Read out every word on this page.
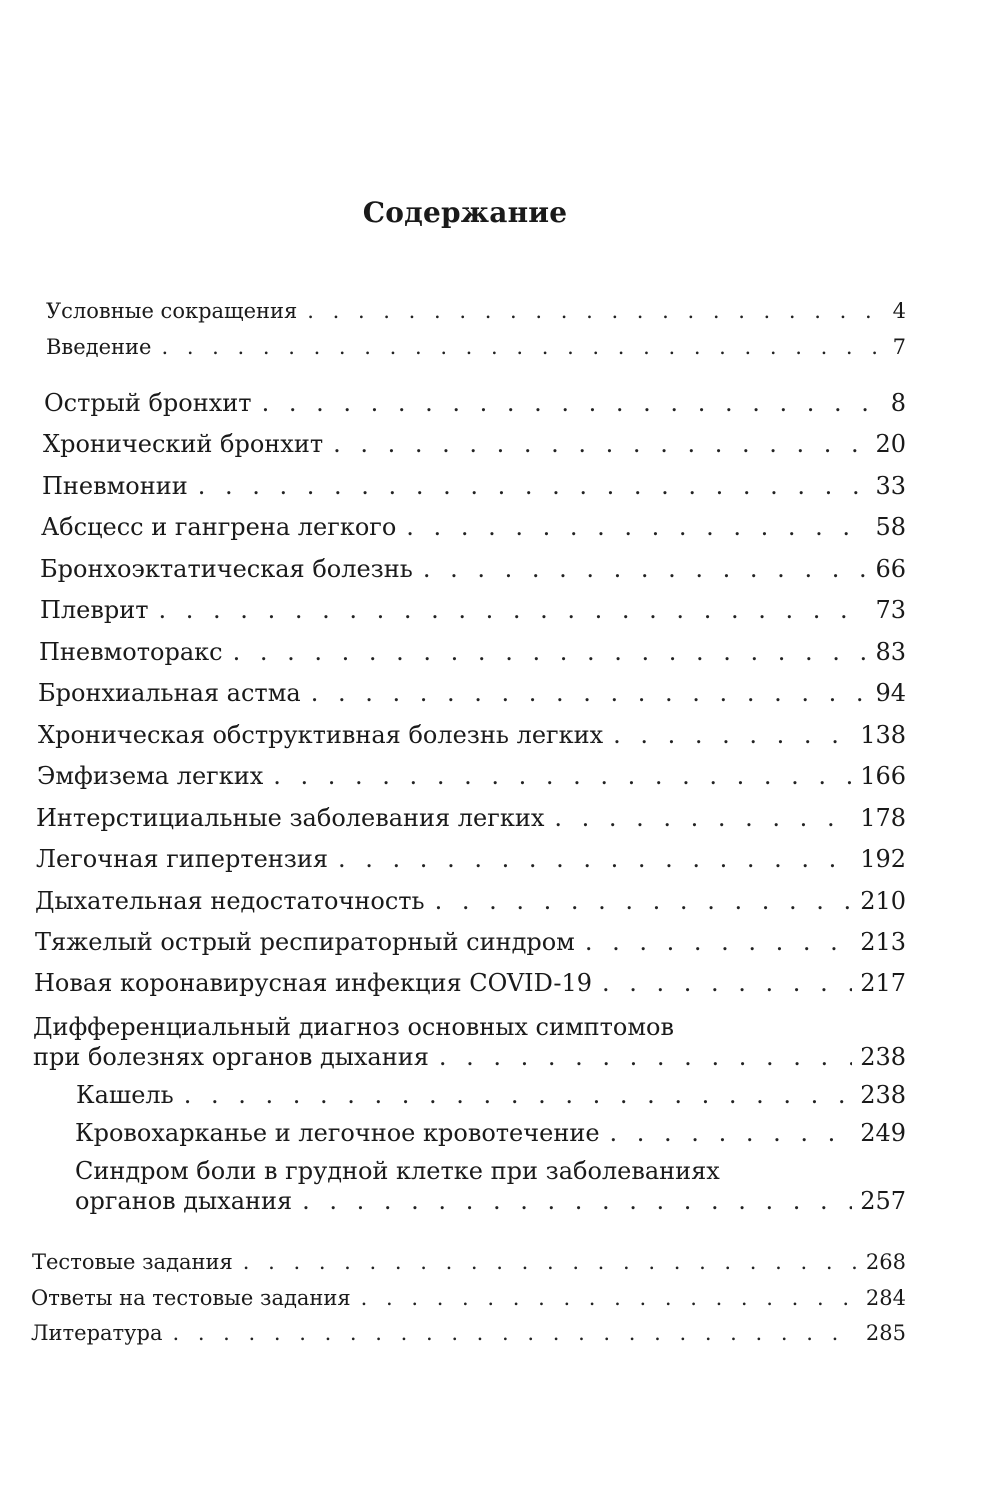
Содержание
Условные сокращения . . .	4
Введение . . .	7
Острый бронхит . . .	8
Хронический бронхит . . .	20
Пневмонии . . .	33
Абсцесс и гангрена легкого . . .	58
Бронхоэктатическая болезнь . . .	66
Плеврит . . .	73
Пневмоторакс . . .	83
Бронхиальная астма . . .	94
Хроническая обструктивная болезнь легких . . .	138
Эмфизема легких . . .	166
Интерстициальные заболевания легких . . .	178
Легочная гипертензия . . .	192
Дыхательная недостаточность . . .	210
Тяжелый острый респираторный синдром . . .	213
Новая коронавирусная инфекция COVID-19 . . .	217
Дифференциальный диагноз основных симптомов
при болезнях органов дыхания . . .	238
Кашель . . .	238
Кровохарканье и легочное кровотечение . . .	249
Синдром боли в грудной клетке при заболеваниях
органов дыхания . . .	257
Тестовые задания . . .	268
Ответы на тестовые задания . . .	284
Литература . . .	285
